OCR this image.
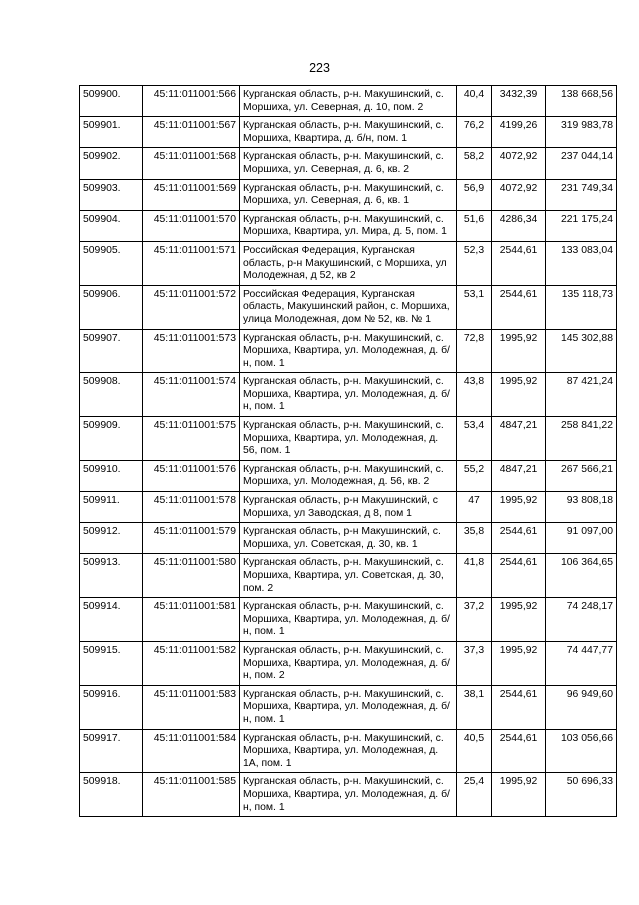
223
509900.	45:11:011001:566	Курганская область, р-н. Макушинский, с. Моршиха, ул. Северная, д. 10, пом. 2	40,4	3432,39	138 668,56
509901.	45:11:011001:567	Курганская область, р-н. Макушинский, с. Моршиха, Квартира, д. б/н, пом. 1	76,2	4199,26	319 983,78
509902.	45:11:011001:568	Курганская область, р-н. Макушинский, с. Моршиха, ул. Северная, д. 6, кв. 2	58,2	4072,92	237 044,14
509903.	45:11:011001:569	Курганская область, р-н. Макушинский, с. Моршиха, ул. Северная, д. 6, кв. 1	56,9	4072,92	231 749,34
509904.	45:11:011001:570	Курганская область, р-н. Макушинский, с. Моршиха, Квартира, ул. Мира, д. 5, пом. 1	51,6	4286,34	221 175,24
509905.	45:11:011001:571	Российская Федерация, Курганская область, р-н Макушинский, с Моршиха, ул Молодежная, д 52, кв 2	52,3	2544,61	133 083,04
509906.	45:11:011001:572	Российская Федерация, Курганская область, Макушинский район, с. Моршиха, улица Молодежная, дом № 52, кв. № 1	53,1	2544,61	135 118,73
509907.	45:11:011001:573	Курганская область, р-н. Макушинский, с. Моршиха, Квартира, ул. Молодежная, д. б/н, пом. 1	72,8	1995,92	145 302,88
509908.	45:11:011001:574	Курганская область, р-н. Макушинский, с. Моршиха, Квартира, ул. Молодежная, д. б/н, пом. 1	43,8	1995,92	87 421,24
509909.	45:11:011001:575	Курганская область, р-н. Макушинский, с. Моршиха, Квартира, ул. Молодежная, д. 56, пом. 1	53,4	4847,21	258 841,22
509910.	45:11:011001:576	Курганская область, р-н. Макушинский, с. Моршиха, ул. Молодежная, д. 56, кв. 2	55,2	4847,21	267 566,21
509911.	45:11:011001:578	Курганская область, р-н Макушинский, с Моршиха, ул Заводская, д 8, пом 1	47	1995,92	93 808,18
509912.	45:11:011001:579	Курганская область, р-н Макушинский, с. Моршиха, ул. Советская, д. 30, кв. 1	35,8	2544,61	91 097,00
509913.	45:11:011001:580	Курганская область, р-н. Макушинский, с. Моршиха, Квартира, ул. Советская, д. 30, пом. 2	41,8	2544,61	106 364,65
509914.	45:11:011001:581	Курганская область, р-н. Макушинский, с. Моршиха, Квартира, ул. Молодежная, д. б/н, пом. 1	37,2	1995,92	74 248,17
509915.	45:11:011001:582	Курганская область, р-н. Макушинский, с. Моршиха, Квартира, ул. Молодежная, д. б/н, пом. 2	37,3	1995,92	74 447,77
509916.	45:11:011001:583	Курганская область, р-н. Макушинский, с. Моршиха, Квартира, ул. Молодежная, д. б/н, пом. 1	38,1	2544,61	96 949,60
509917.	45:11:011001:584	Курганская область, р-н. Макушинский, с. Моршиха, Квартира, ул. Молодежная, д. 1А, пом. 1	40,5	2544,61	103 056,66
509918.	45:11:011001:585	Курганская область, р-н. Макушинский, с. Моршиха, Квартира, ул. Молодежная, д. б/н, пом. 1	25,4	1995,92	50 696,33
